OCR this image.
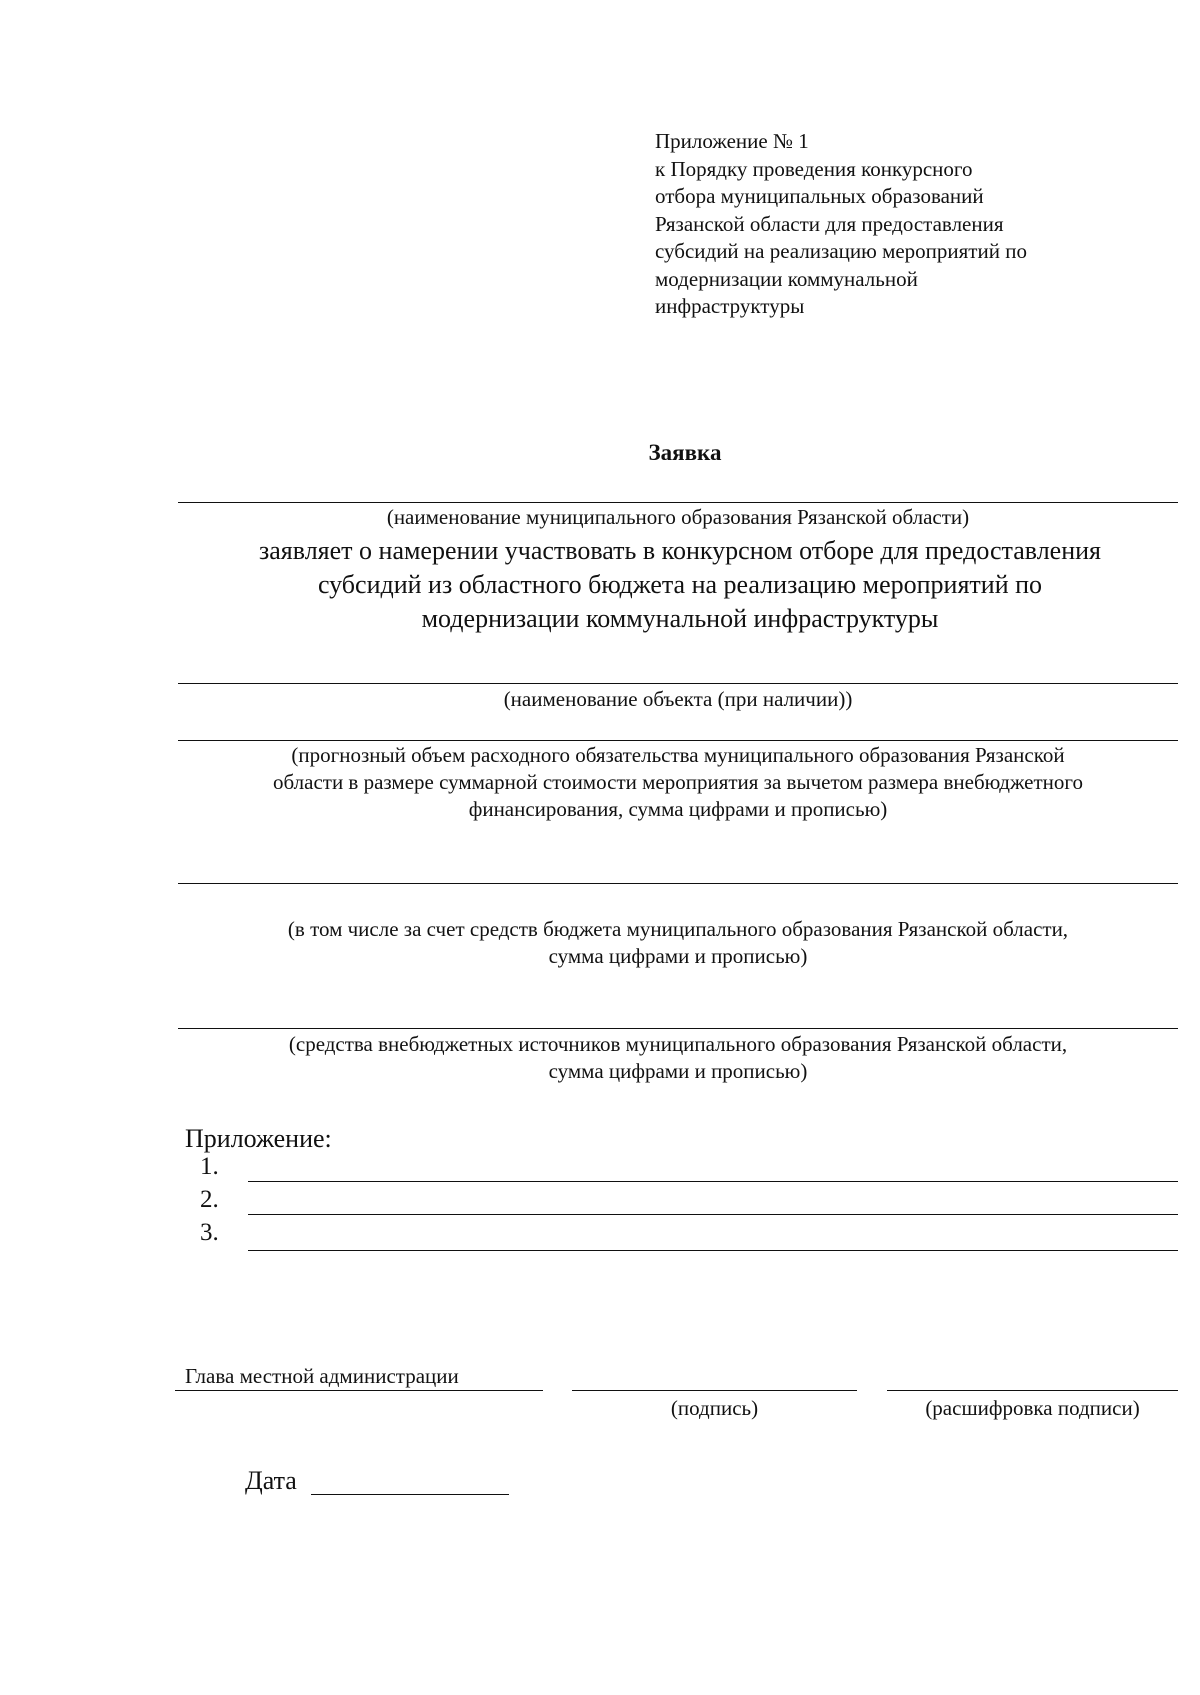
Приложение № 1
к Порядку проведения конкурсного
отбора муниципальных образований
Рязанской области для предоставления
субсидий на реализацию мероприятий по
модернизации коммунальной
инфраструктуры
Заявка
(наименование муниципального образования Рязанской области)
заявляет о намерении участвовать в конкурсном отборе для предоставления
субсидий из областного бюджета на реализацию мероприятий по
модернизации коммунальной инфраструктуры
(наименование объекта (при наличии))
(прогнозный объем расходного обязательства муниципального образования Рязанской
области в размере суммарной стоимости мероприятия за вычетом размера внебюджетного
финансирования, сумма цифрами и прописью)
(в том числе за счет средств бюджета муниципального образования Рязанской области,
сумма цифрами и прописью)
(средства внебюджетных источников муниципального образования Рязанской области,
сумма цифрами и прописью)
Приложение:
1.
2.
3.
Глава местной администрации
(подпись)	(расшифровка подписи)
Дата
